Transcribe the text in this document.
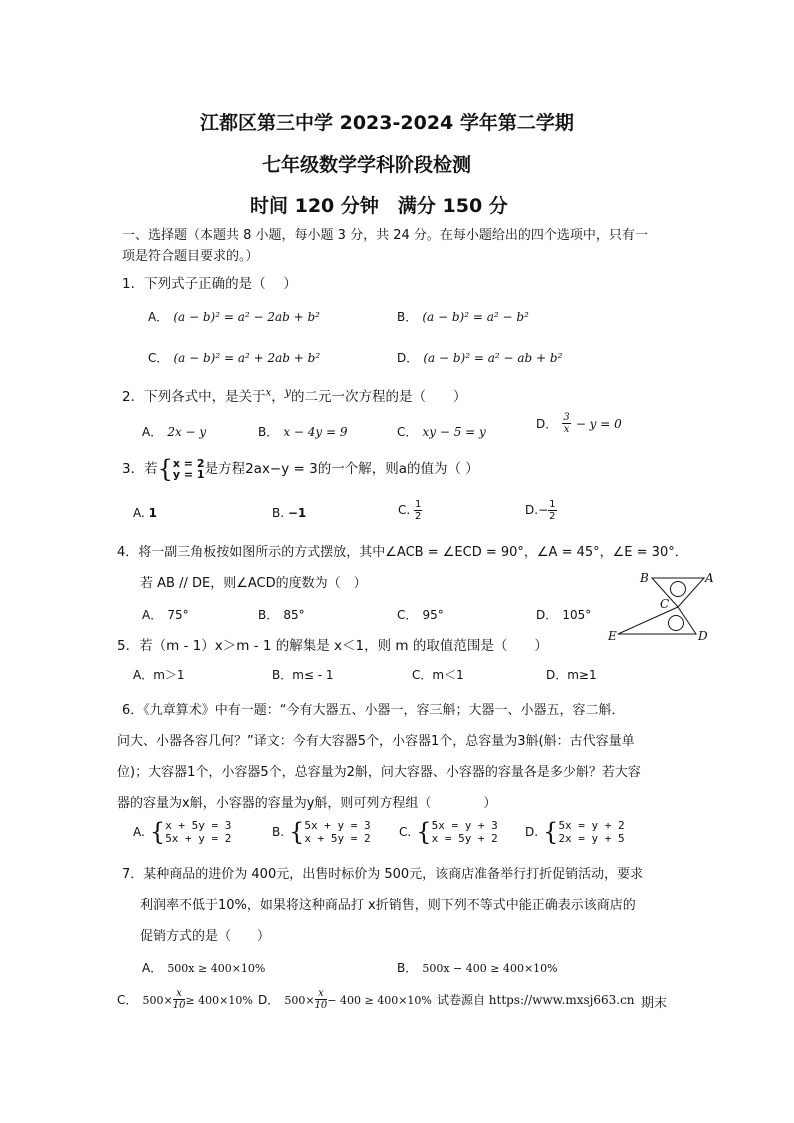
江都区第三中学 2023-2024 学年第二学期
七年级数学学科阶段检测
时间 120 分钟　满分 150 分
一、选择题（本题共 8 小题，每小题 3 分，共 24 分。在每小题给出的四个选项中，只有一
项是符合题目要求的。）
1．下列式子正确的是（　 ）
A． (a − b)² = a² − 2ab + b²	B． (a − b)² = a² − b²
C． (a − b)² = a² + 2ab + b²	D． (a − b)² = a² − ab + b²
2．下列各式中，是关于$^x$，$^y$的二元一次方程的是（　　）
A． 2x − y	B． x − 4y = 9	C． xy − 5 = y
D． $\frac{3}{x} - y = 0$
3．若{ x = 2
y = 1 是方程2ax−y = 3的一个解，则a的值为（ ）
A. 1	B. −1	C. $\frac{1}{2}$	$D.- \frac{1}{2}$
4．将一副三角板按如图所示的方式摆放，其中∠ACB = ∠ECD = 90°，∠A = 45°，∠E = 30°．
若 AB // DE，则∠ACD的度数为（　）
A． 75°	B． 85°	C． 95°	D． 105°
B	A
C
E	D
5．若（m - 1）x＞m - 1 的解集是 x＜1，则 m 的取值范围是（　　）
A．m＞1	B．m≤ - 1	C．m＜1	D．m≥1
6．《九章算术》中有一题：“今有大器五、小器一，容三斛；大器一、小器五，容二斛．
问大、小器各容几何？”译文：今有大容器5个，小容器1个，总容量为3斛(斛：古代容量单
位)；大容器1个，小容器5个，总容量为2斛，问大容器、小容器的容量各是多少斛？若大容
器的容量为x斛，小容器的容量为y斛，则可列方程组（　　　　）
A. { x + 5y = 3
5x + y = 2	B. { 5x + y = 3
x + 5y = 2 C. { 5x = y + 3
x = 5y + 2 D. { 5x = y + 2
2x = y + 5
7．某种商品的进价为 400元，出售时标价为 500元，该商店准备举行打折促销活动，要求
利润率不低于10%，如果将这种商品打 x折销售，则下列不等式中能正确表示该商店的
促销方式的是（　　）
A． 500x ≥ 400×10%	B． 500x − 400 ≥ 400×10%
C． $500\times \frac{x}{10} \ge 400\times 10\%$ D． $500\times \frac{x}{10} - 400 \ge 400\times 10\%$ 试卷源自 https://www.mxsj663.cn 期末
